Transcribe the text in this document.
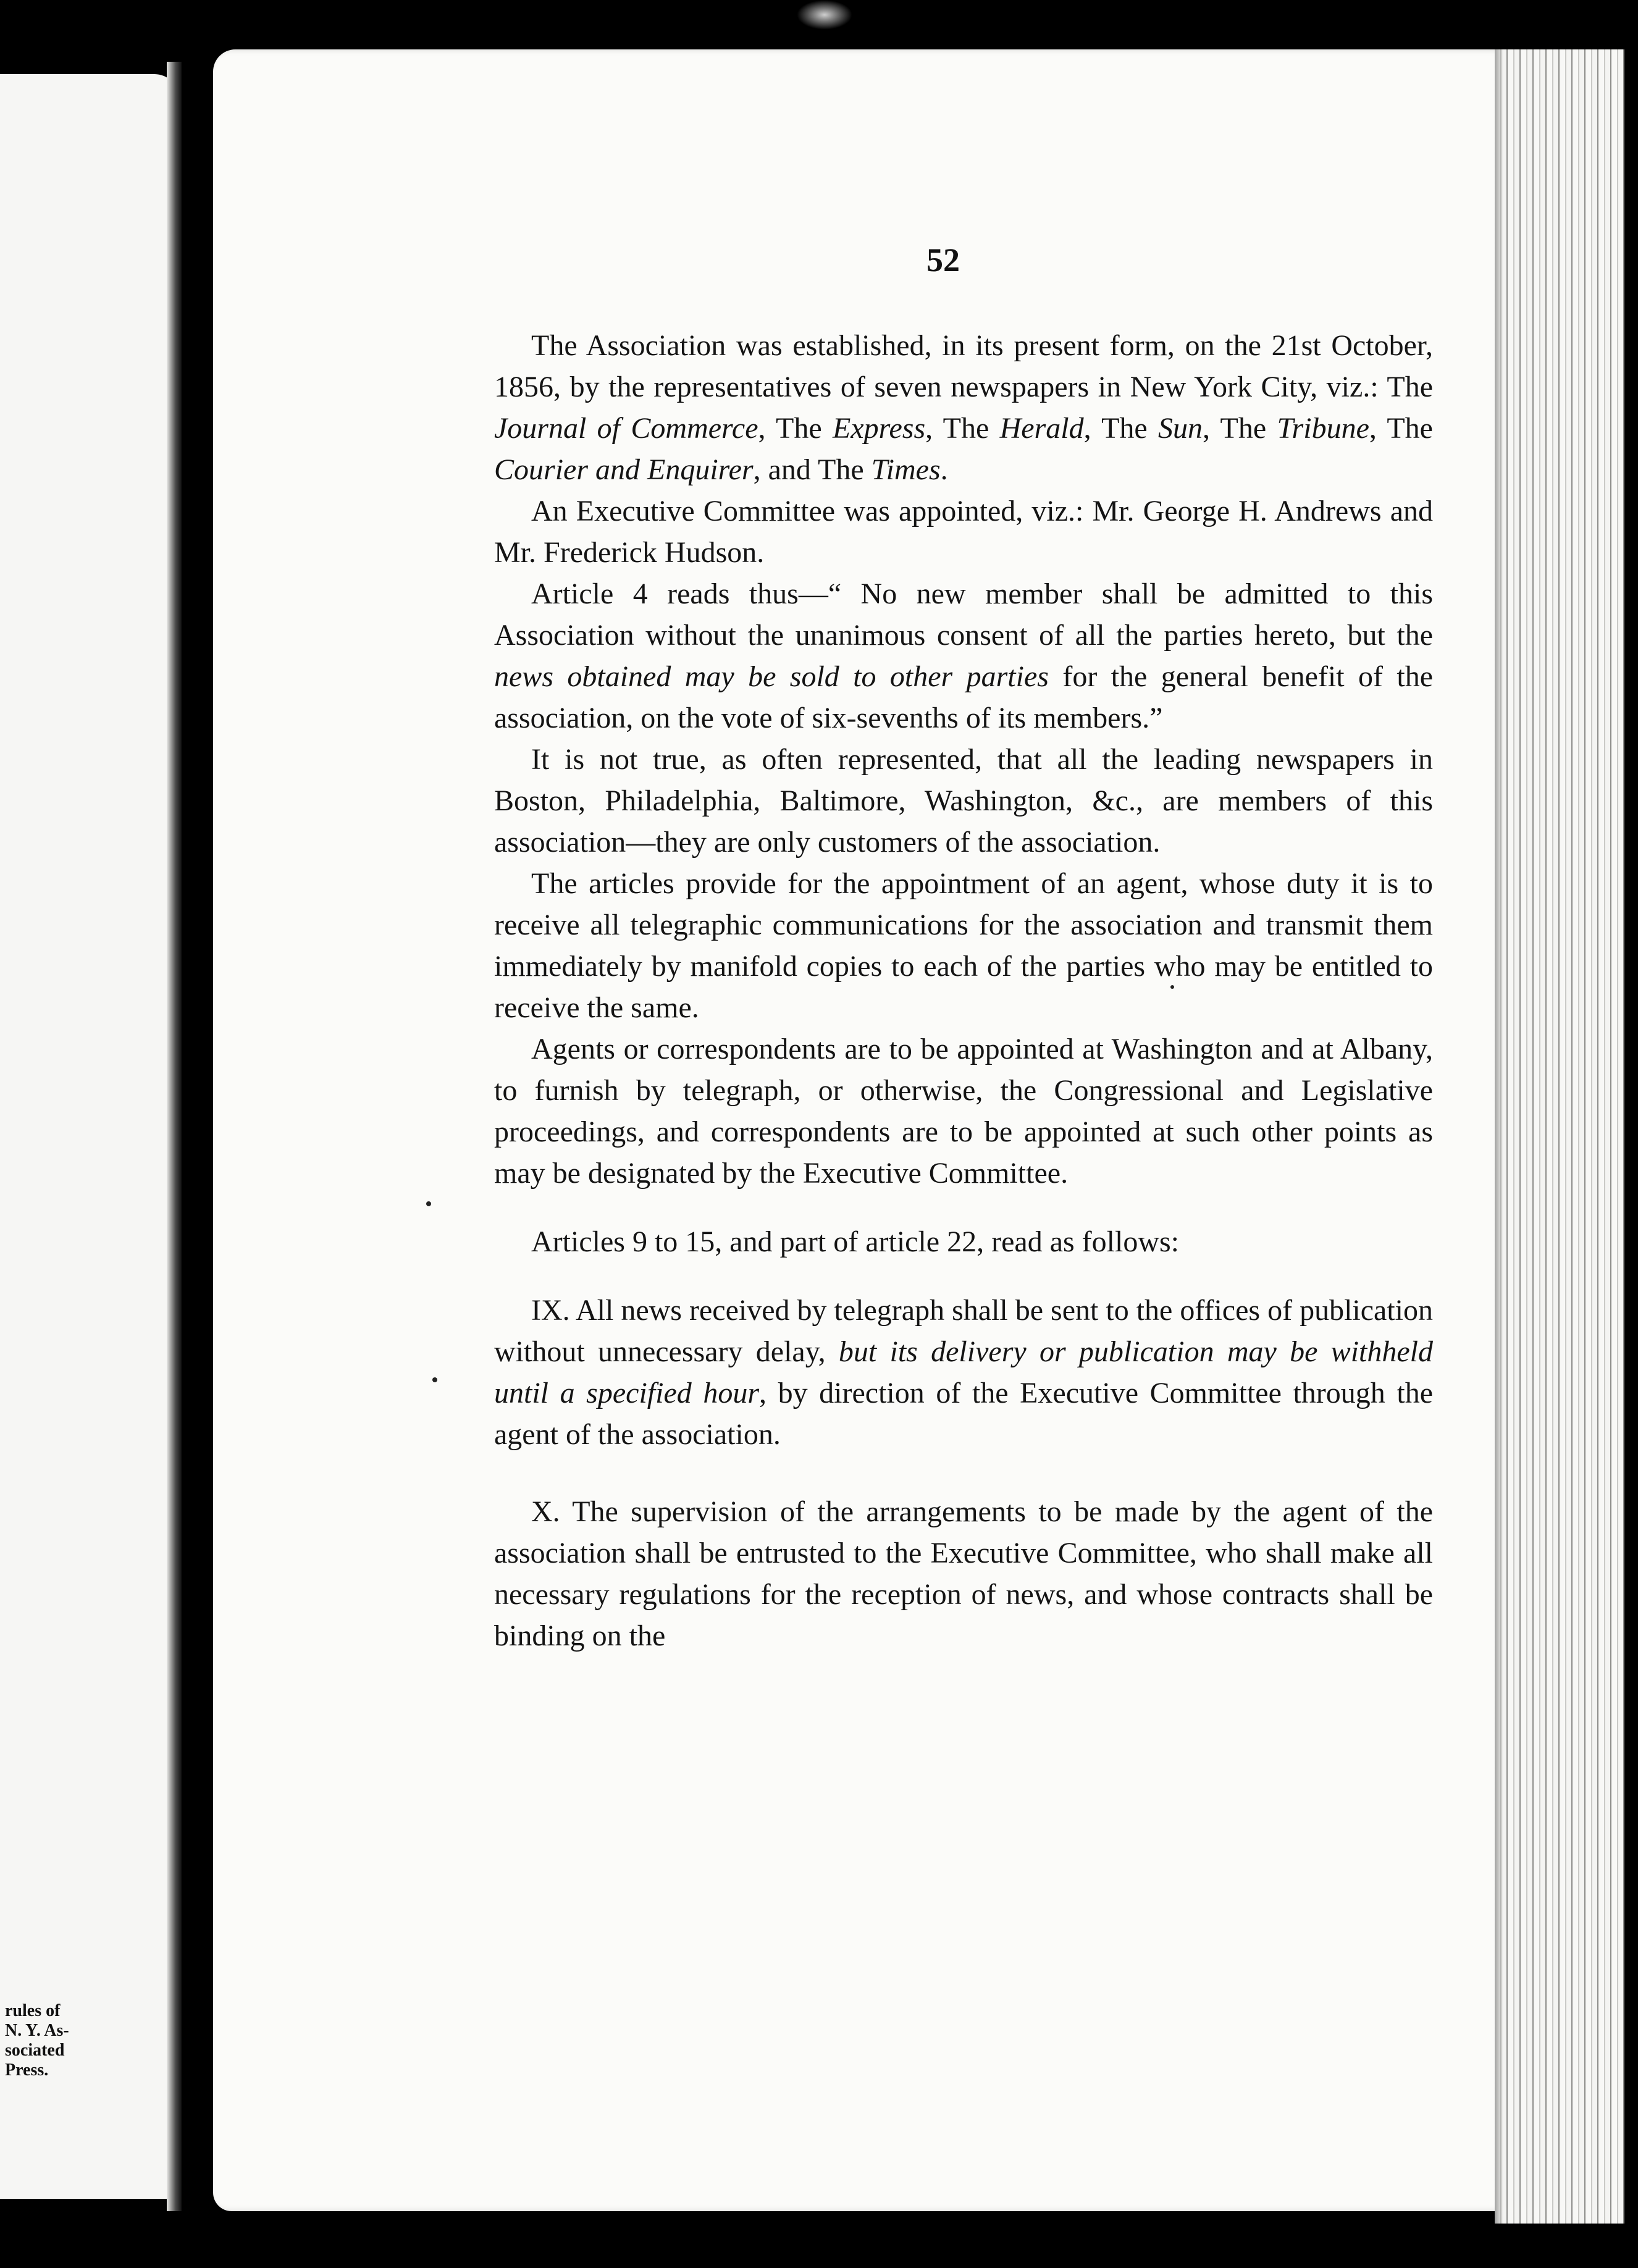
rules of
N. Y. As-
sociated
Press.
52

The Association was established, in its present form, on the 21st October, 1856, by the representatives of seven newspapers in New York City, viz.: The Journal of Commerce, The Express, The Herald, The Sun, The Tribune, The Courier and Enquirer, and The Times.

An Executive Committee was appointed, viz.: Mr. George H. Andrews and Mr. Frederick Hudson.

Article 4 reads thus—“ No new member shall be admitted to this Association without the unanimous consent of all the parties hereto, but the news obtained may be sold to other parties for the general benefit of the association, on the vote of six-sevenths of its members.”

It is not true, as often represented, that all the leading newspapers in Boston, Philadelphia, Baltimore, Washington, &c., are members of this association—they are only customers of the association.

The articles provide for the appointment of an agent, whose duty it is to receive all telegraphic communications for the association and transmit them immediately by manifold copies to each of the parties who may be entitled to receive the same.

Agents or correspondents are to be appointed at Washington and at Albany, to furnish by telegraph, or otherwise, the Congressional and Legislative proceedings, and correspondents are to be appointed at such other points as may be designated by the Executive Committee.

Articles 9 to 15, and part of article 22, read as follows:

IX. All news received by telegraph shall be sent to the offices of publication without unnecessary delay, but its delivery or publication may be withheld until a specified hour, by direction of the Executive Committee through the agent of the association.

X. The supervision of the arrangements to be made by the agent of the association shall be entrusted to the Executive Committee, who shall make all necessary regulations for the reception of news, and whose contracts shall be binding on the
